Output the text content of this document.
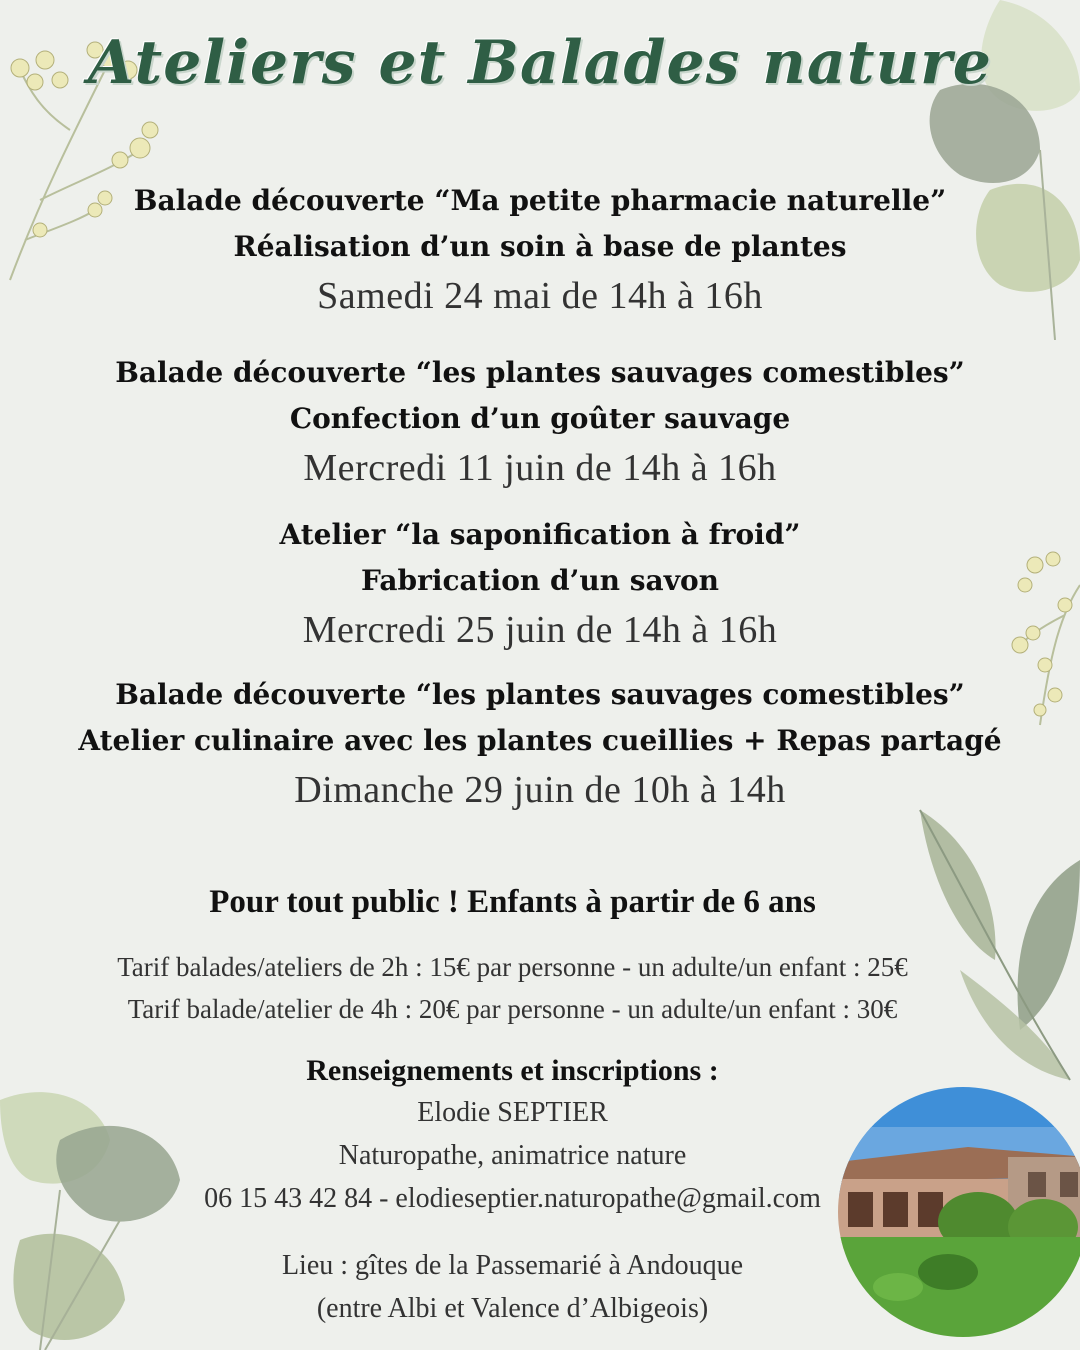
Ateliers et Balades nature
Balade découverte “Ma petite pharmacie naturelle”
Réalisation d’un soin à base de plantes
Samedi 24 mai de 14h à 16h
Balade découverte “les plantes sauvages comestibles”
Confection d’un goûter sauvage
Mercredi 11 juin de 14h à 16h
Atelier “la saponification à froid”
Fabrication d’un savon
Mercredi 25 juin de 14h à 16h
Balade découverte “les plantes sauvages comestibles”
Atelier culinaire avec les plantes cueillies + Repas partagé
Dimanche 29 juin de 10h à 14h
Pour tout public ! Enfants à partir de 6 ans
Tarif balades/ateliers de 2h : 15€ par personne - un adulte/un enfant : 25€
Tarif balade/atelier de 4h : 20€ par personne - un adulte/un enfant : 30€
Renseignements et inscriptions :
Elodie SEPTIER
Naturopathe, animatrice nature
06 15 43 42 84 - elodieseptier.naturopathe@gmail.com
Lieu : gîtes de la Passemarié à Andouque
(entre Albi et Valence d’Albigeois)
